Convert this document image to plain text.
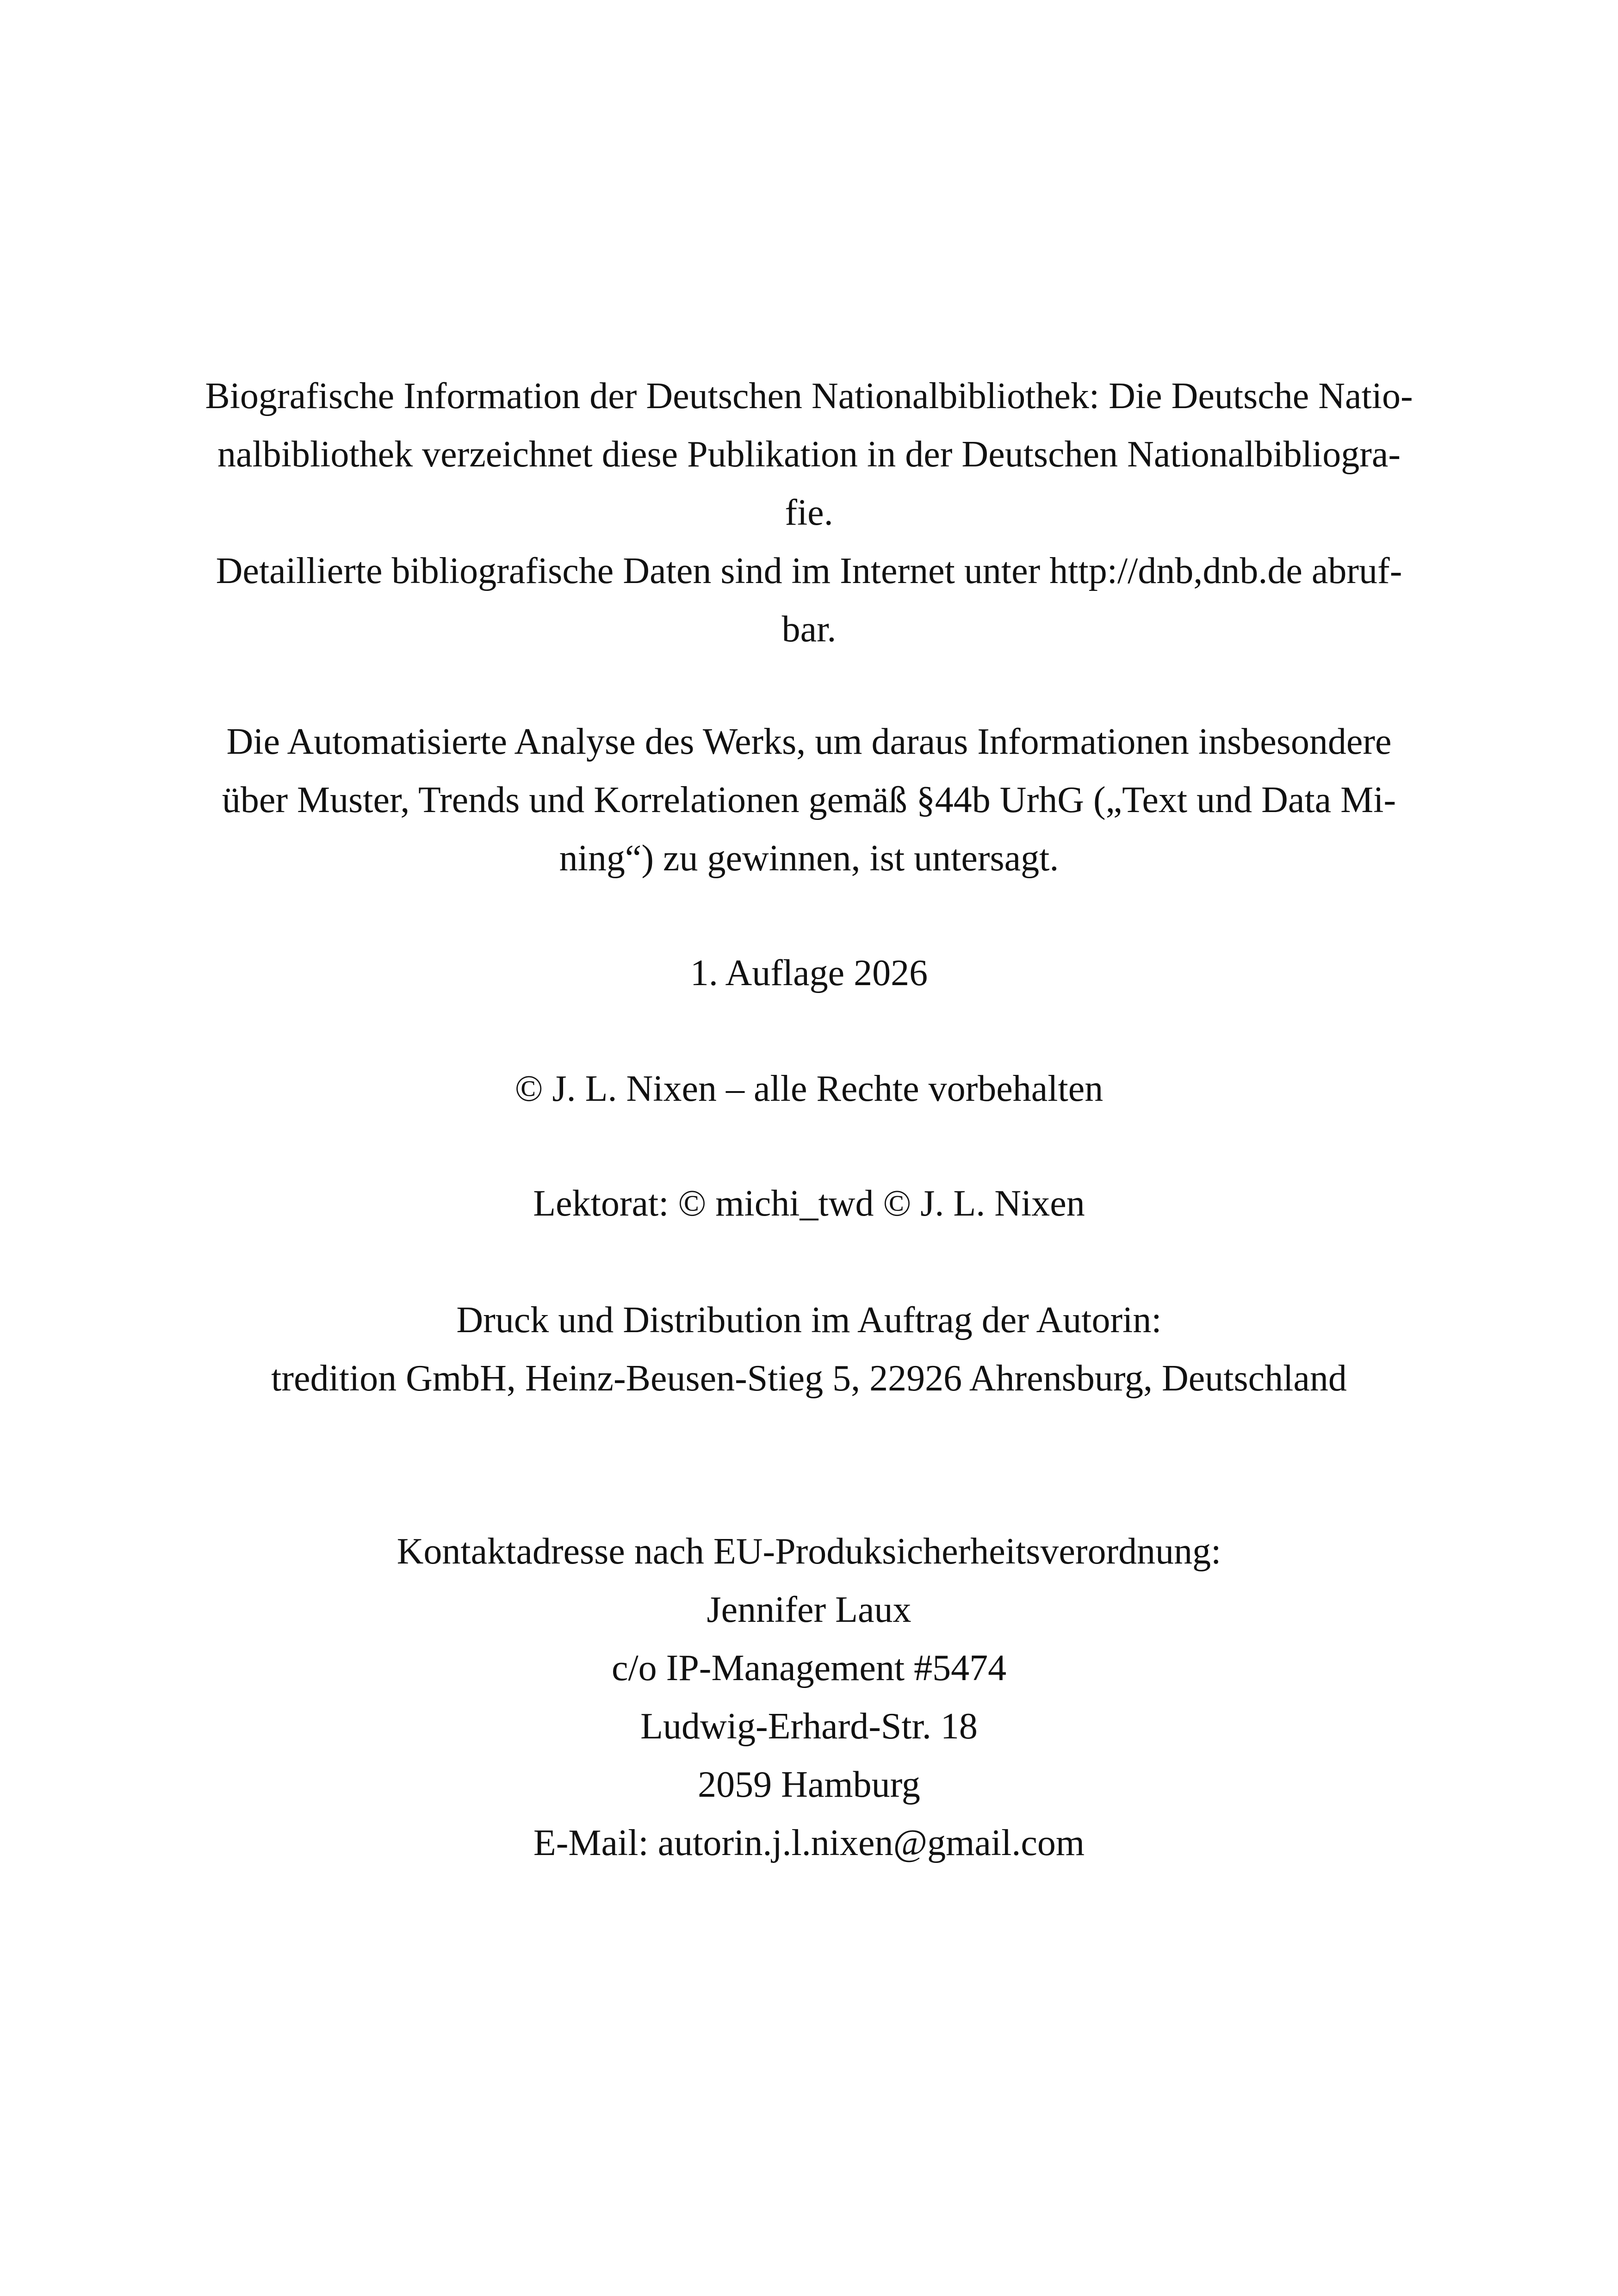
Biografische Information der Deutschen Nationalbibliothek: Die Deutsche Natio-
nalbibliothek verzeichnet diese Publikation in der Deutschen Nationalbibliogra-
fie.
Detaillierte bibliografische Daten sind im Internet unter http://dnb,dnb.de abruf-
bar.
Die Automatisierte Analyse des Werks, um daraus Informationen insbesondere
über Muster, Trends und Korrelationen gemäß §44b UrhG („Text und Data Mi-
ning“) zu gewinnen, ist untersagt.
1. Auflage 2026
© J. L. Nixen – alle Rechte vorbehalten
Lektorat: © michi_twd © J. L. Nixen
Druck und Distribution im Auftrag der Autorin:
tredition GmbH, Heinz-Beusen-Stieg 5, 22926 Ahrensburg, Deutschland
Kontaktadresse nach EU-Produksicherheitsverordnung:
Jennifer Laux
c/o IP-Management #5474
Ludwig-Erhard-Str. 18
2059 Hamburg
E-Mail: autorin.j.l.nixen@gmail.com
